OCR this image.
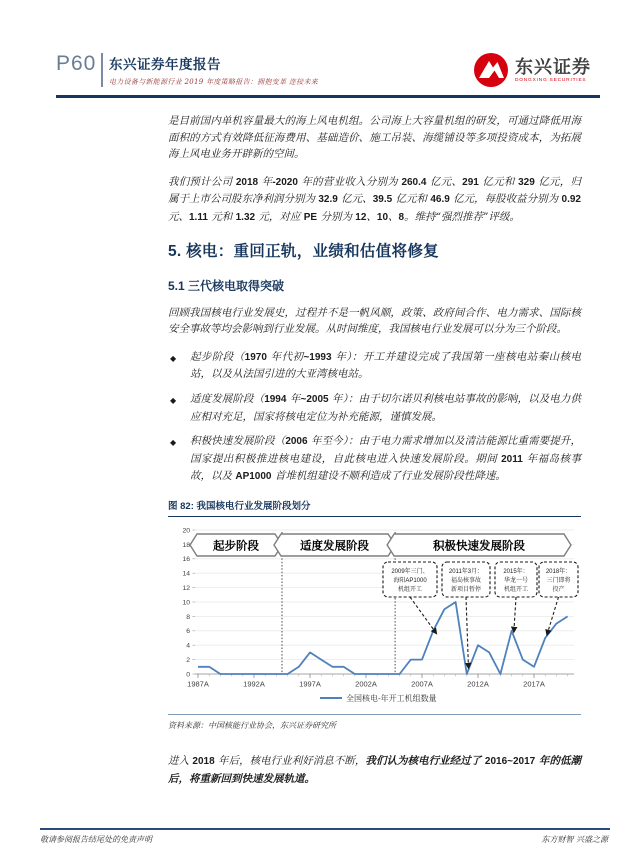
P60 东兴证券年度报告
电力设备与新能源行业 2019 年度策略报告：拥抱变革 连接未来
东兴证券
DONGXING SECURITIES

是目前国内单机容量最大的海上风电机组。公司海上大容量机组的研发，可通过降低用海面积的方式有效降低征海费用、基础造价、施工吊装、海缆铺设等多项投资成本，为拓展海上风电业务开辟新的空间。

我们预计公司 2018 年-2020 年的营业收入分别为 260.4 亿元、291 亿元和 329 亿元，归属于上市公司股东净利润分别为 32.9 亿元、39.5 亿元和 46.9 亿元，每股收益分别为 0.92 元、1.11 元和 1.32 元，对应 PE 分别为 12、10、8。维持“强烈推荐”评级。

5. 核电：重回正轨，业绩和估值将修复
5.1 三代核电取得突破

回顾我国核电行业发展史，过程并不是一帆风顺，政策、政府间合作、电力需求、国际核安全事故等均会影响到行业发展。从时间维度，我国核电行业发展可以分为三个阶段。

◆ 起步阶段（1970 年代初~1993 年）：开工并建设完成了我国第一座核电站秦山核电站，以及从法国引进的大亚湾核电站。
◆ 适度发展阶段（1994 年~2005 年）：由于切尔诺贝利核电站事故的影响，以及电力供应相对充足，国家将核电定位为补充能源，谨慎发展。
◆ 积极快速发展阶段（2006 年至今）：由于电力需求增加以及清洁能源比重需要提升，国家提出积极推进核电建设，自此核电进入快速发展阶段。期间 2011 年福岛核事故，以及 AP1000 首堆机组建设不顺利造成了行业发展阶段性降速。
图 82: 我国核电行业发展阶段划分
0
2
4
6
8
10
12
14
16
18
20
1987A	1992A	1997A	2002A	2007A	2012A	2017A
起步阶段	适度发展阶段	积极快速发展阶段
2009年三门、海阳AP1000 机组开工
2011年3月：福岛核事故新项目暂停
2015年：华龙一号机组开工
2018年：三门即将投产
全国核电-年开工机组数量
资料来源：中国核能行业协会，东兴证券研究所

进入 2018 年后，核电行业利好消息不断，我们认为核电行业经过了 2016~2017 年的低潮后，将重新回到快速发展轨道。

敬请参阅报告结尾处的免责声明	东方财智 兴盛之源
